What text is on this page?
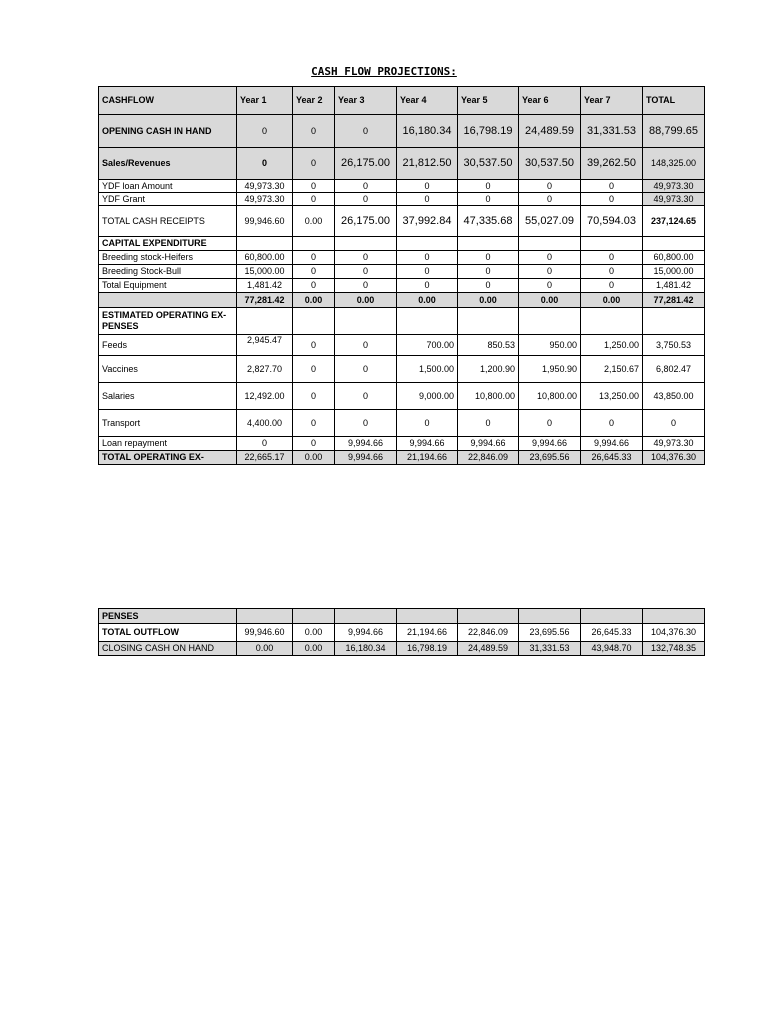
CASH FLOW PROJECTIONS:
CASHFLOW	Year 1	Year 2	Year 3	Year 4	Year 5	Year 6	Year 7	TOTAL
OPENING CASH IN HAND	0	0	0	16,180.34	16,798.19	24,489.59	31,331.53	88,799.65
Sales/Revenues	0	0	26,175.00	21,812.50	30,537.50	30,537.50	39,262.50	148,325.00
YDF loan Amount	49,973.30	0	0	0	0	0	0	49,973.30
YDF Grant	49,973.30	0	0	0	0	0	0	49,973.30
TOTAL CASH RECEIPTS	99,946.60	0.00	26,175.00	37,992.84	47,335.68	55,027.09	70,594.03	237,124.65
CAPITAL EXPENDITURE								
Breeding stock-Heifers	60,800.00	0	0	0	0	0	0	60,800.00
Breeding Stock-Bull	15,000.00	0	0	0	0	0	0	15,000.00
Total Equipment	1,481.42	0	0	0	0	0	0	1,481.42
	77,281.42	0.00	0.00	0.00	0.00	0.00	0.00	77,281.42
ESTIMATED OPERATING EX-PENSES								
Feeds	2,945.47	0	0	700.00	850.53	950.00	1,250.00	3,750.53
Vaccines	2,827.70	0	0	1,500.00	1,200.90	1,950.90	2,150.67	6,802.47
Salaries	12,492.00	0	0	9,000.00	10,800.00	10,800.00	13,250.00	43,850.00
Transport	4,400.00	0	0	0	0	0	0	0
Loan repayment	0	0	9,994.66	9,994.66	9,994.66	9,994.66	9,994.66	49,973.30
TOTAL OPERATING EX-	22,665.17	0.00	9,994.66	21,194.66	22,846.09	23,695.56	26,645.33	104,376.30
PENSES								
TOTAL OUTFLOW	99,946.60	0.00	9,994.66	21,194.66	22,846.09	23,695.56	26,645.33	104,376.30
CLOSING CASH ON HAND	0.00	0.00	16,180.34	16,798.19	24,489.59	31,331.53	43,948.70	132,748.35
